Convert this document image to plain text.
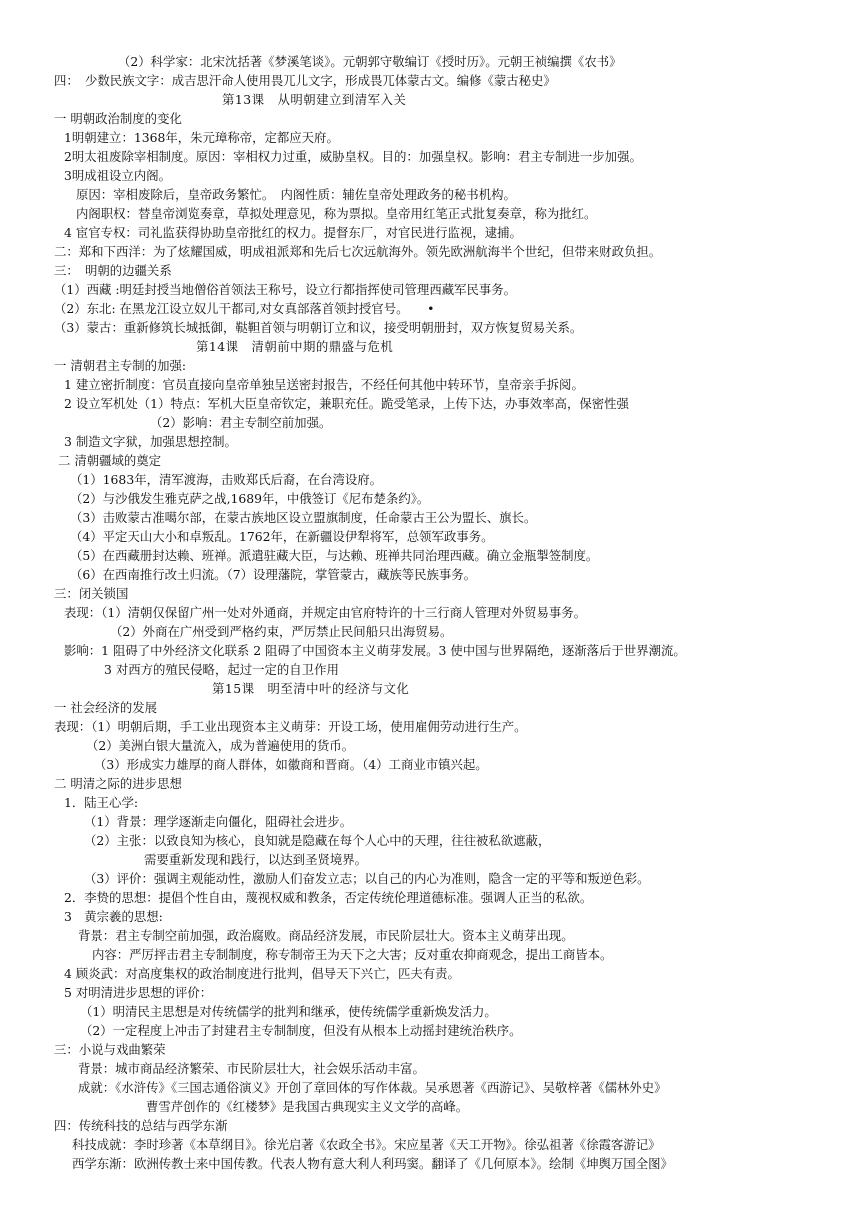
（2）科学家：北宋沈括著《梦溪笔谈》。元朝郭守敬编订《授时历》。元朝王祯编撰《农书》
四：　少数民族文字：成吉思汗命人使用畏兀儿文字，形成畏兀体蒙古文。编修《蒙古秘史》
第13课　从明朝建立到清军入关
一 明朝政治制度的变化
1明朝建立：1368年，朱元璋称帝，定都应天府。
2明太祖废除宰相制度。原因：宰相权力过重，威胁皇权。目的：加强皇权。影响：君主专制进一步加强。
3明成祖设立内阁。
原因：宰相废除后，皇帝政务繁忙。　内阁性质：辅佐皇帝处理政务的秘书机构。
内阁职权：替皇帝浏览奏章，草拟处理意见，称为票拟。皇帝用红笔正式批复奏章，称为批红。
4 宦官专权：司礼监获得协助皇帝批红的权力。提督东厂，对官民进行监视，逮捕。
二：郑和下西洋：为了炫耀国威，明成祖派郑和先后七次远航海外。领先欧洲航海半个世纪，但带来财政负担。
三：　明朝的边疆关系
（1）西藏 :明廷封授当地僧俗首领法王称号，设立行都指挥使司管理西藏军民事务。
（2）东北: 在黑龙江设立奴儿干都司,对女真部落首领封授官号。　　•
（3）蒙古：重新修筑长城抵御，鞑靼首领与明朝订立和议，接受明朝册封，双方恢复贸易关系。
第14课　清朝前中期的鼎盛与危机
一 清朝君主专制的加强:
1 建立密折制度：官员直接向皇帝单独呈送密封报告，不经任何其他中转环节，皇帝亲手拆阅。
2 设立军机处（1）特点：军机大臣皇帝钦定，兼职充任。跪受笔录，上传下达，办事效率高，保密性强
（2）影响：君主专制空前加强。
3 制造文字狱，加强思想控制。
二 清朝疆域的奠定
（1）1683年，清军渡海，击败郑氏后裔，在台湾设府。
（2）与沙俄发生雅克萨之战,1689年，中俄签订《尼布楚条约》。
（3）击败蒙古准噶尔部，在蒙古族地区设立盟旗制度，任命蒙古王公为盟长、旗长。
（4）平定天山大小和卓叛乱。1762年，在新疆设伊犁将军，总领军政事务。
（5）在西藏册封达赖、班禅。派遣驻藏大臣，与达赖、班禅共同治理西藏。确立金瓶掣签制度。
（6）在西南推行改土归流。（7）设理藩院，掌管蒙古，藏族等民族事务。
三：闭关锁国
表现：（1）清朝仅保留广州一处对外通商，并规定由官府特许的十三行商人管理对外贸易事务。
（2）外商在广州受到严格约束，严厉禁止民间船只出海贸易。
影响：1 阻碍了中外经济文化联系 2 阻碍了中国资本主义萌芽发展。3 使中国与世界隔绝，逐渐落后于世界潮流。
3 对西方的殖民侵略，起过一定的自卫作用
第15课　明至清中叶的经济与文化
一 社会经济的发展
表现：（1）明朝后期，手工业出现资本主义萌芽：开设工场，使用雇佣劳动进行生产。
（2）美洲白银大量流入，成为普遍使用的货币。
（3）形成实力雄厚的商人群体，如徽商和晋商。（4）工商业市镇兴起。
二 明清之际的进步思想
1．陆王心学:
（1）背景：理学逐渐走向僵化，阻碍社会进步。
（2）主张：以致良知为核心，良知就是隐藏在每个人心中的天理，往往被私欲遮蔽，
需要重新发现和践行，以达到圣贤境界。
（3）评价：强调主观能动性，激励人们奋发立志；以自己的内心为准则，隐含一定的平等和叛逆色彩。
2．李贽的思想：提倡个性自由，蔑视权威和教条，否定传统伦理道德标准。强调人正当的私欲。
3　黄宗羲的思想:
背景：君主专制空前加强，政治腐败。商品经济发展，市民阶层壮大。资本主义萌芽出现。
内容：严厉抨击君主专制制度，称专制帝王为天下之大害；反对重农抑商观念，提出工商皆本。
4 顾炎武：对高度集权的政治制度进行批判，倡导天下兴亡，匹夫有责。
5 对明清进步思想的评价：
（1）明清民主思想是对传统儒学的批判和继承，使传统儒学重新焕发活力。
（2）一定程度上冲击了封建君主专制制度，但没有从根本上动摇封建统治秩序。
三：小说与戏曲繁荣
背景：城市商品经济繁荣、市民阶层壮大，社会娱乐活动丰富。
成就：《水浒传》《三国志通俗演义》开创了章回体的写作体裁。吴承恩著《西游记》、吴敬梓著《儒林外史》
曹雪芹创作的《红楼梦》是我国古典现实主义文学的高峰。
四：传统科技的总结与西学东渐
科技成就：李时珍著《本草纲目》。徐光启著《农政全书》。宋应星著《天工开物》。徐弘祖著《徐霞客游记》
西学东渐：欧洲传教士来中国传教。代表人物有意大利人利玛窦。翻译了《几何原本》。绘制《坤舆万国全图》
